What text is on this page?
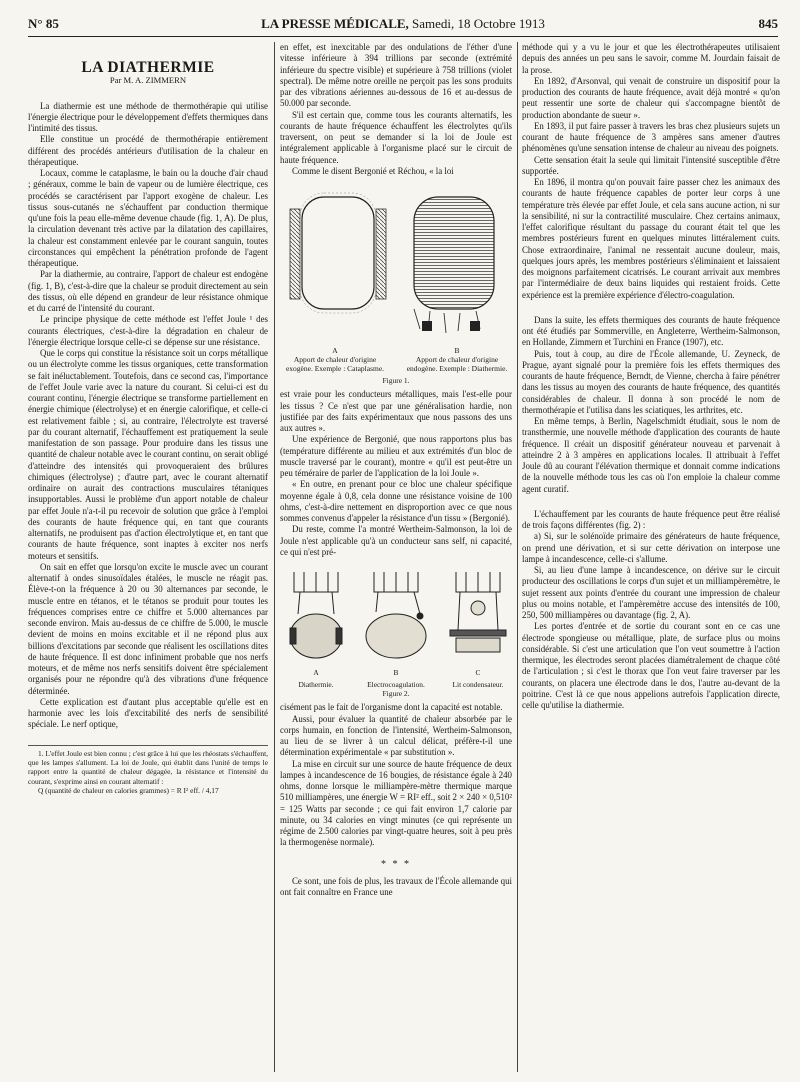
N° 85	LA PRESSE MÉDICALE, Samedi, 18 Octobre 1913	845
LA DIATHERMIE
Par M. A. ZIMMERN

La diathermie est une méthode de thermothérapie qui utilise l'énergie électrique pour le développement d'effets thermiques dans l'intimité des tissus.

Elle constitue un procédé de thermothérapie entièrement différent des procédés antérieurs d'utilisation de la chaleur en thérapeutique.

Locaux, comme le cataplasme, le bain ou la douche d'air chaud ; généraux, comme le bain de vapeur ou de lumière électrique, ces procédés se caractérisent par l'apport exogène de chaleur. Les tissus sous-cutanés ne s'échauffent par conduction thermique qu'une fois la peau elle-même devenue chaude (fig. 1, A). De plus, la circulation devenant très active par la dilatation des capillaires, la chaleur est constamment enlevée par le courant sanguin, toutes circonstances qui empêchent la pénétration profonde de l'agent thérapeutique.

Par la diathermie, au contraire, l'apport de chaleur est endogène (fig. 1, B), c'est-à-dire que la chaleur se produit directement au sein des tissus, où elle dépend en grandeur de leur résistance ohmique et du carré de l'intensité du courant.

Le principe physique de cette méthode est l'effet Joule ¹ des courants électriques, c'est-à-dire la dégradation en chaleur de l'énergie électrique lorsque celle-ci se dépense sur une résistance.

Que le corps qui constitue la résistance soit un corps métallique ou un électrolyte comme les tissus organiques, cette transformation se fait inéluctablement. Toutefois, dans ce second cas, l'importance de l'effet Joule varie avec la nature du courant. Si celui-ci est du courant continu, l'énergie électrique se transforme partiellement en énergie chimique (électrolyse) et en énergie calorifique, et celle-ci est relativement faible ; si, au contraire, l'électrolyte est traversé par du courant alternatif, l'échauffement est pratiquement la seule manifestation de son passage. Pour produire dans les tissus une quantité de chaleur notable avec le courant continu, on serait obligé d'atteindre des intensités qui provoqueraient des brûlures chimiques (électrolyse) ; d'autre part, avec le courant alternatif ordinaire on aurait des contractions musculaires tétaniques insupportables. Aussi le problème d'un apport notable de chaleur par effet Joule n'a-t-il pu recevoir de solution que grâce à l'emploi des courants de haute fréquence qui, en tant que courants alternatifs, ne produisent pas d'action électrolytique et, en tant que courants de haute fréquence, sont inaptes à exciter nos nerfs moteurs et sensitifs.

On sait en effet que lorsqu'on excite le muscle avec un courant alternatif à ondes sinusoïdales étalées, le muscle ne réagit pas. Élève-t-on la fréquence à 20 ou 30 alternances par seconde, le muscle entre en tétanos, et le tétanos se produit pour toutes les fréquences comprises entre ce chiffre et 5.000 alternances par seconde environ. Mais au-dessus de ce chiffre de 5.000, le muscle devient de moins en moins excitable et il ne répond plus aux billions d'excitations par seconde que réalisent les oscillations dites de haute fréquence. Il est donc infiniment probable que nos nerfs moteurs, et de même nos nerfs sensitifs doivent être spécialement organisés pour ne répondre qu'à des vibrations d'une fréquence déterminée.

Cette explication est d'autant plus acceptable qu'elle est en harmonie avec les lois d'excitabilité des nerfs de sensibilité spéciale. Le nerf optique,

1. L'effet Joule est bien connu ; c'est grâce à lui que les rhéostats s'échauffent, que les lampes s'allument. La loi de Joule, qui établit dans l'unité de temps le rapport entre la quantité de chaleur dégagée, la résistance et l'intensité du courant, s'exprime ainsi en courant alternatif :

Q (quantité de chaleur en calories grammes) = R I² eff. / 4,17

en effet, est inexcitable par des ondulations de l'éther d'une vitesse inférieure à 394 trillions par seconde (extrémité inférieure du spectre visible) et supérieure à 758 trillions (violet spectral). De même notre oreille ne perçoit pas les sons produits par des vibrations aériennes au-dessous de 16 et au-dessus de 50.000 par seconde.

S'il est certain que, comme tous les courants alternatifs, les courants de haute fréquence échauffent les électrolytes qu'ils traversent, on peut se demander si la loi de Joule est intégralement applicable à l'organisme placé sur le circuit de haute fréquence.

Comme le disent Bergonié et Réchou, « la loi

A
Apport de chaleur d'origine exogène. Exemple : Cataplasme.
B
Apport de chaleur d'origine endogène. Exemple : Diathermie.
Figure 1.

est vraie pour les conducteurs métalliques, mais l'est-elle pour les tissus ? Ce n'est que par une généralisation hardie, non justifiée par des faits expérimentaux que nous passons des uns aux autres ».

Une expérience de Bergonié, que nous rapportons plus bas (température différente au milieu et aux extrémités d'un bloc de muscle traversé par le courant), montre « qu'il est peut-être un peu téméraire de parler de l'application de la loi Joule ».

« En outre, en prenant pour ce bloc une chaleur spécifique moyenne égale à 0,8, cela donne une résistance voisine de 100 ohms, c'est-à-dire nettement en disproportion avec ce que nous sommes convenus d'appeler la résistance d'un tissu » (Bergonié).

Du reste, comme l'a montré Wertheim-Salmonson, la loi de Joule n'est applicable qu'à un conducteur sans self, ni capacité, ce qui n'est pré-

A
Diathermie.
B
Electrocoagulation.
C
Lit condensateur.
Figure 2.

cisément pas le fait de l'organisme dont la capacité est notable.

Aussi, pour évaluer la quantité de chaleur absorbée par le corps humain, en fonction de l'intensité, Wertheim-Salmonson, au lieu de se livrer à un calcul délicat, préfère-t-il une détermination expérimentale « par substitution ».

La mise en circuit sur une source de haute fréquence de deux lampes à incandescence de 16 bougies, de résistance égale à 240 ohms, donne lorsque le milliampère-mètre thermique marque 510 milliampères, une énergie W = RI² eff., soit 2 × 240 × 0,510² = 125 Watts par seconde ; ce qui fait environ 1,7 calorie par minute, ou 34 calories en vingt minutes (ce qui représente un régime de 2.500 calories par vingt-quatre heures, soit à peu près la thermogenèse normale).

* * *

Ce sont, une fois de plus, les travaux de l'École allemande qui ont fait connaître en France une

méthode qui y a vu le jour et que les électrothérapeutes utilisaient depuis des années un peu sans le savoir, comme M. Jourdain faisait de la prose.

En 1892, d'Arsonval, qui venait de construire un dispositif pour la production des courants de haute fréquence, avait déjà montré « qu'on peut ressentir une sorte de chaleur qui s'accompagne bientôt de production abondante de sueur ».

En 1893, il put faire passer à travers les bras chez plusieurs sujets un courant de haute fréquence de 3 ampères sans amener d'autres phénomènes qu'une sensation intense de chaleur au niveau des poignets.

Cette sensation était la seule qui limitait l'intensité susceptible d'être supportée.

En 1896, il montra qu'on pouvait faire passer chez les animaux des courants de haute fréquence capables de porter leur corps à une température très élevée par effet Joule, et cela sans aucune action, ni sur la sensibilité, ni sur la contractilité musculaire. Chez certains animaux, l'effet calorifique résultant du passage du courant était tel que les membres postérieurs furent en quelques minutes littéralement cuits. Chose extraordinaire, l'animal ne ressentait aucune douleur, mais, quelques jours après, les membres postérieurs s'éliminaient et laissaient des moignons parfaitement cicatrisés. Le courant arrivait aux membres par l'intermédiaire de deux bains liquides qui restaient froids. Cette expérience est la première expérience d'électro-coagulation.

Dans la suite, les effets thermiques des courants de haute fréquence ont été étudiés par Sommerville, en Angleterre, Wertheim-Salmonson, en Hollande, Zimmern et Turchini en France (1907), etc.

Puis, tout à coup, au dire de l'École allemande, U. Zeyneck, de Prague, ayant signalé pour la première fois les effets thermiques des courants de haute fréquence, Berndt, de Vienne, chercha à faire pénétrer dans les tissus au moyen des courants de haute fréquence, des quantités considérables de chaleur. Il donna à son procédé le nom de thermothérapie et l'utilisa dans les sciatiques, les arthrites, etc.

En même temps, à Berlin, Nagelschmidt étudiait, sous le nom de transthermie, une nouvelle méthode d'application des courants de haute fréquence. Il créait un dispositif générateur nouveau et parvenait à atteindre 2 à 3 ampères en applications locales. Il attribuait à l'effet Joule dû au courant l'élévation thermique et donnait comme indications de la nouvelle méthode tous les cas où l'on emploie la chaleur comme agent curatif.

L'échauffement par les courants de haute fréquence peut être réalisé de trois façons différentes (fig. 2) :

a) Si, sur le solénoïde primaire des générateurs de haute fréquence, on prend une dérivation, et si sur cette dérivation on interpose une lampe à incandescence, celle-ci s'allume.

Si, au lieu d'une lampe à incandescence, on dérive sur le circuit producteur des oscillations le corps d'un sujet et un milliampèremètre, le sujet ressent aux points d'entrée du courant une impression de chaleur plus ou moins notable, et l'ampèremètre accuse des intensités de 100, 250, 500 milliampères ou davantage (fig. 2, A).

Les portes d'entrée et de sortie du courant sont en ce cas une électrode spongieuse ou métallique, plate, de surface plus ou moins considérable. Si c'est une articulation que l'on veut soumettre à l'action thermique, les électrodes seront placées diamétralement de chaque côté de l'articulation ; si c'est le thorax que l'on veut faire traverser par les courants, on placera une électrode dans le dos, l'autre au-devant de la poitrine. C'est là ce que nous appelions autrefois l'application directe, celle qu'utilise la diathermie.
